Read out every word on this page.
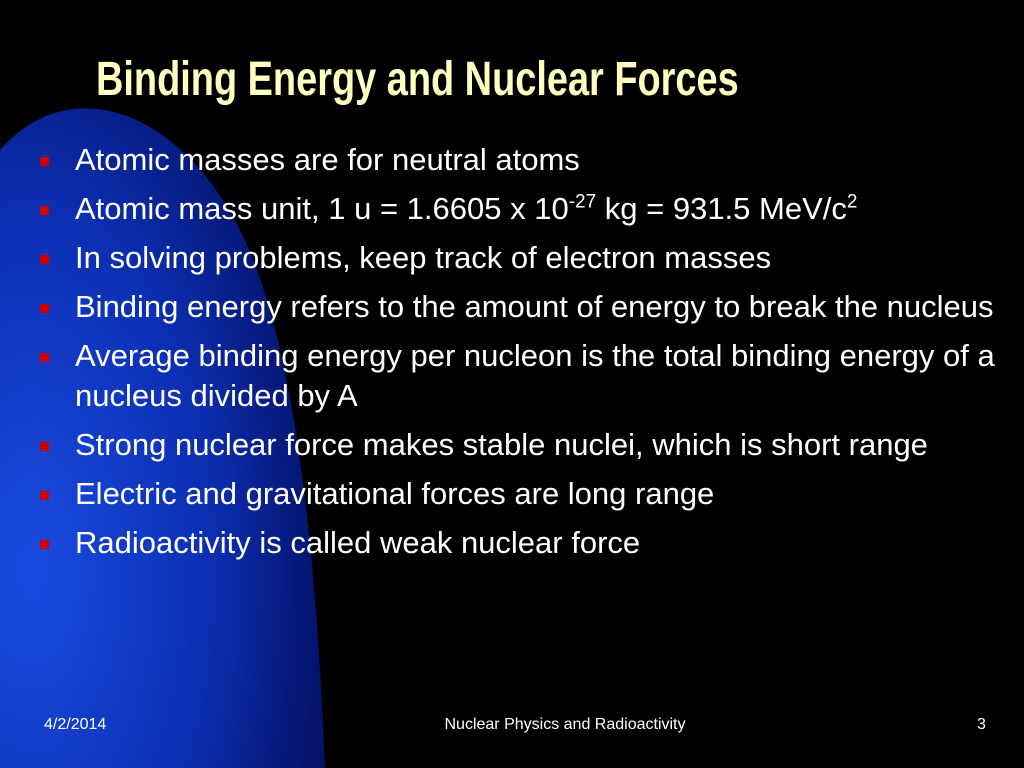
Binding Energy and Nuclear Forces
Atomic masses are for neutral atoms
Atomic mass unit, 1 u = 1.6605 x $10^{-27}$ kg = 931.5 MeV/$c^2$
In solving problems, keep track of electron masses
Binding energy refers to the amount of energy to break the nucleus
Average binding energy per nucleon is the total binding energy of a nucleus divided by A
Strong nuclear force makes stable nuclei, which is short range
Electric and gravitational forces are long range
Radioactivity is called weak nuclear force
4/2/2014	Nuclear Physics and Radioactivity	3
